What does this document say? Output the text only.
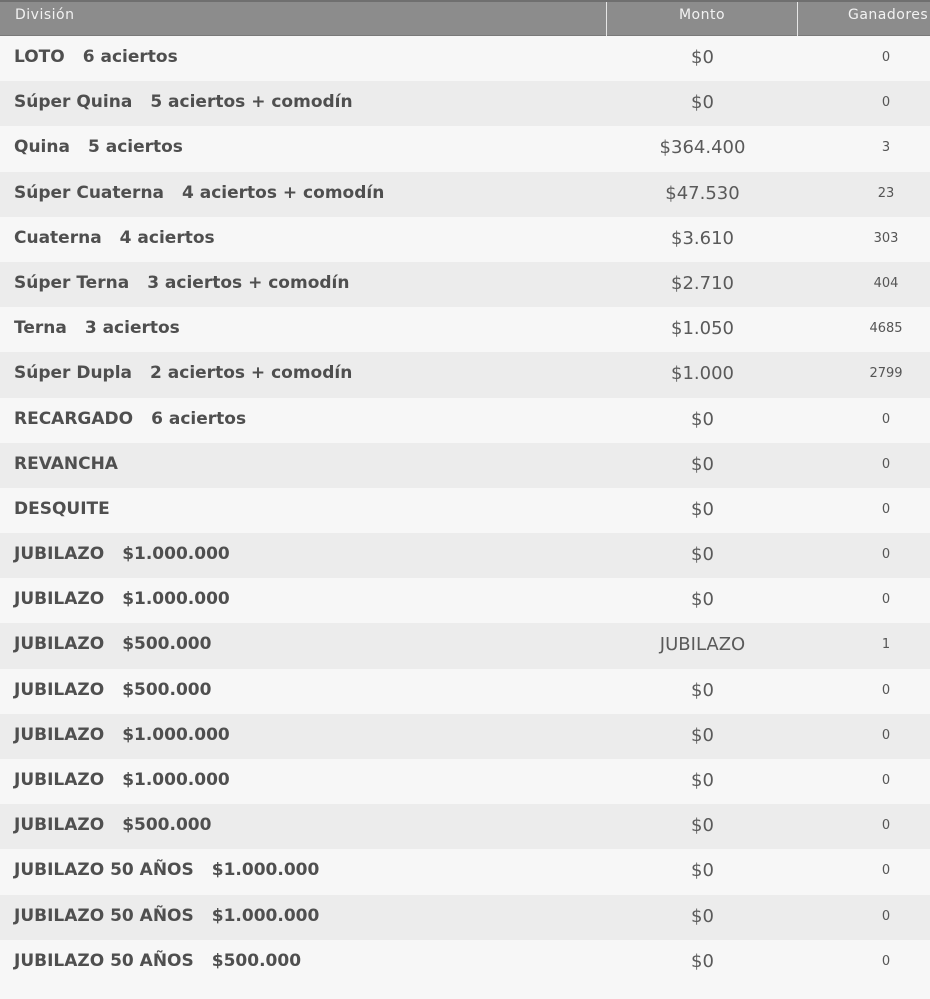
División	Monto	Ganadores
LOTO 6 aciertos	$0	0
Súper Quina 5 aciertos + comodín	$0	0
Quina 5 aciertos	$364.400	3
Súper Cuaterna 4 aciertos + comodín	$47.530	23
Cuaterna 4 aciertos	$3.610	303
Súper Terna 3 aciertos + comodín	$2.710	404
Terna 3 aciertos	$1.050	4685
Súper Dupla 2 aciertos + comodín	$1.000	2799
RECARGADO 6 aciertos	$0	0
REVANCHA	$0	0
DESQUITE	$0	0
JUBILAZO $1.000.000	$0	0
JUBILAZO $1.000.000	$0	0
JUBILAZO $500.000	JUBILAZO	1
JUBILAZO $500.000	$0	0
JUBILAZO $1.000.000	$0	0
JUBILAZO $1.000.000	$0	0
JUBILAZO $500.000	$0	0
JUBILAZO 50 AÑOS $1.000.000	$0	0
JUBILAZO 50 AÑOS $1.000.000	$0	0
JUBILAZO 50 AÑOS $500.000	$0	0
